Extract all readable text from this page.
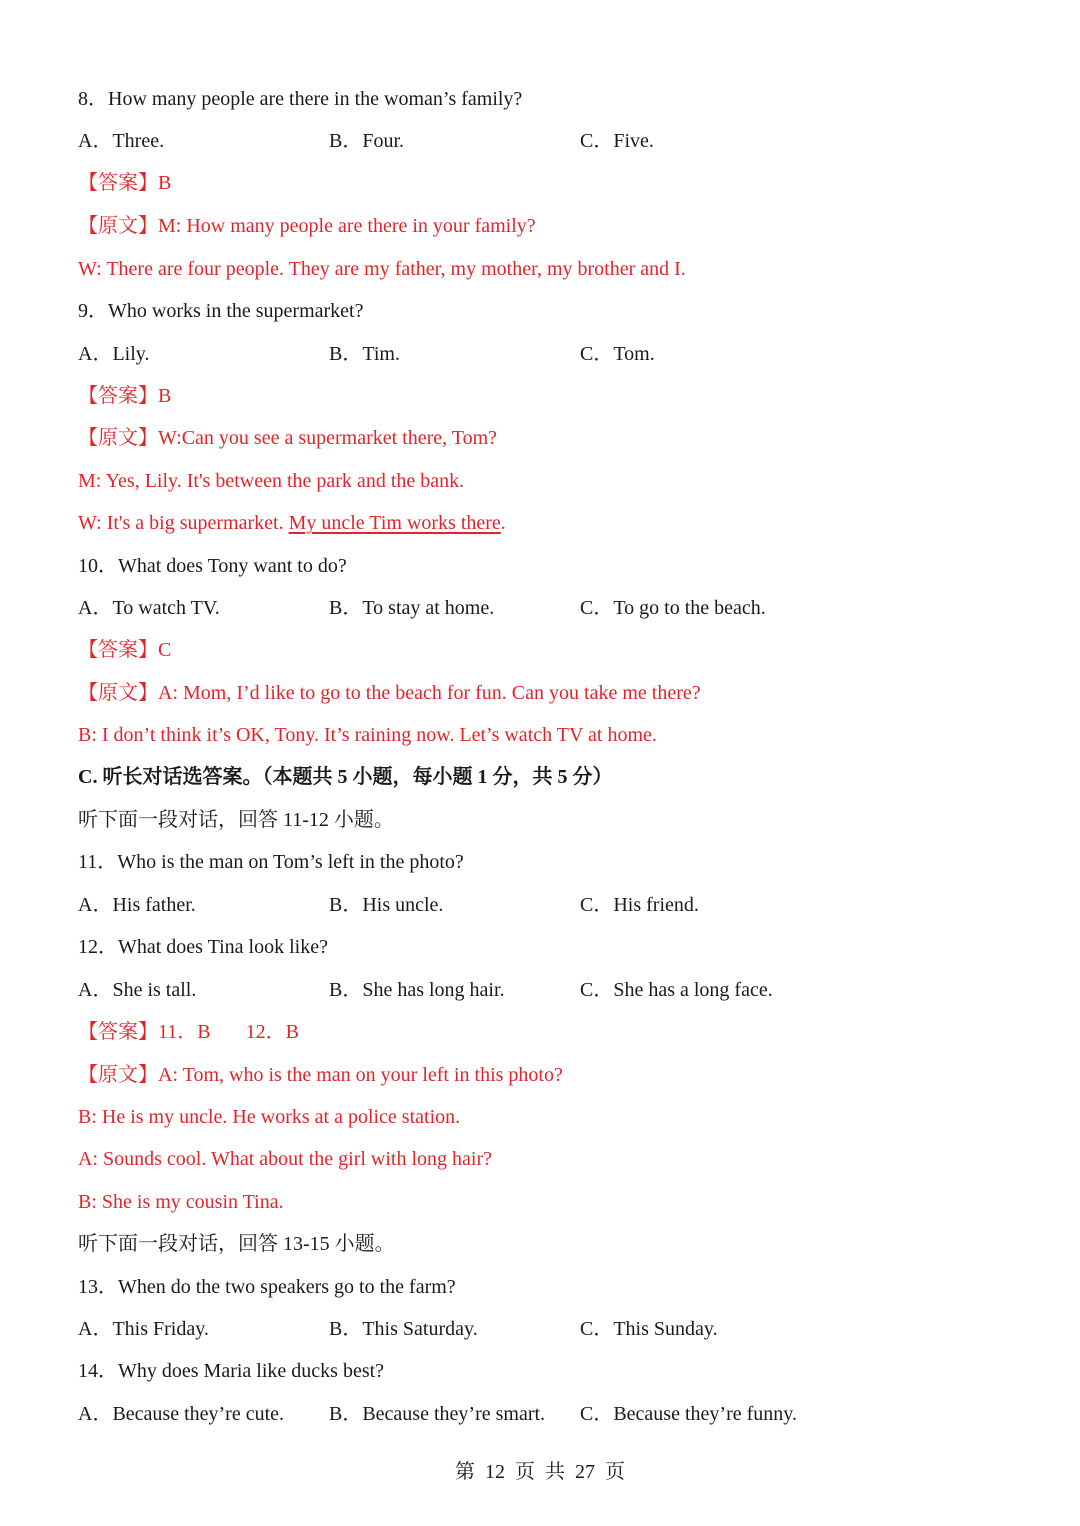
8．How many people are there in the woman’s family?
A．Three.	B．Four.	C．Five.
【答案】B
【原文】M: How many people are there in your family?
W: There are four people. They are my father, my mother, my brother and I.
9．Who works in the supermarket?
A．Lily.	B．Tim.	C．Tom.
【答案】B
【原文】W:Can you see a supermarket there, Tom?
M: Yes, Lily. It's between the park and the bank.
W: It's a big supermarket. My uncle Tim works there.
10．What does Tony want to do?
A．To watch TV.	B．To stay at home.	C．To go to the beach.
【答案】C
【原文】A: Mom, I’d like to go to the beach for fun. Can you take me there?
B: I don’t think it’s OK, Tony. It’s raining now. Let’s watch TV at home.
C. 听长对话选答案。（本题共 5 小题，每小题 1 分，共 5 分）
听下面一段对话，回答 11-12 小题。
11．Who is the man on Tom’s left in the photo?
A．His father.	B．His uncle.	C．His friend.
12．What does Tina look like?
A．She is tall.	B．She has long hair.	C．She has a long face.
【答案】11．B       12．B
【原文】A: Tom, who is the man on your left in this photo?
B: He is my uncle. He works at a police station.
A: Sounds cool. What about the girl with long hair?
B: She is my cousin Tina.
听下面一段对话，回答 13-15 小题。
13．When do the two speakers go to the farm?
A．This Friday.	B．This Saturday.	C．This Sunday.
14．Why does Maria like ducks best?
A．Because they’re cute. B．Because they’re smart. C．Because they’re funny.
第  12  页  共  27  页
